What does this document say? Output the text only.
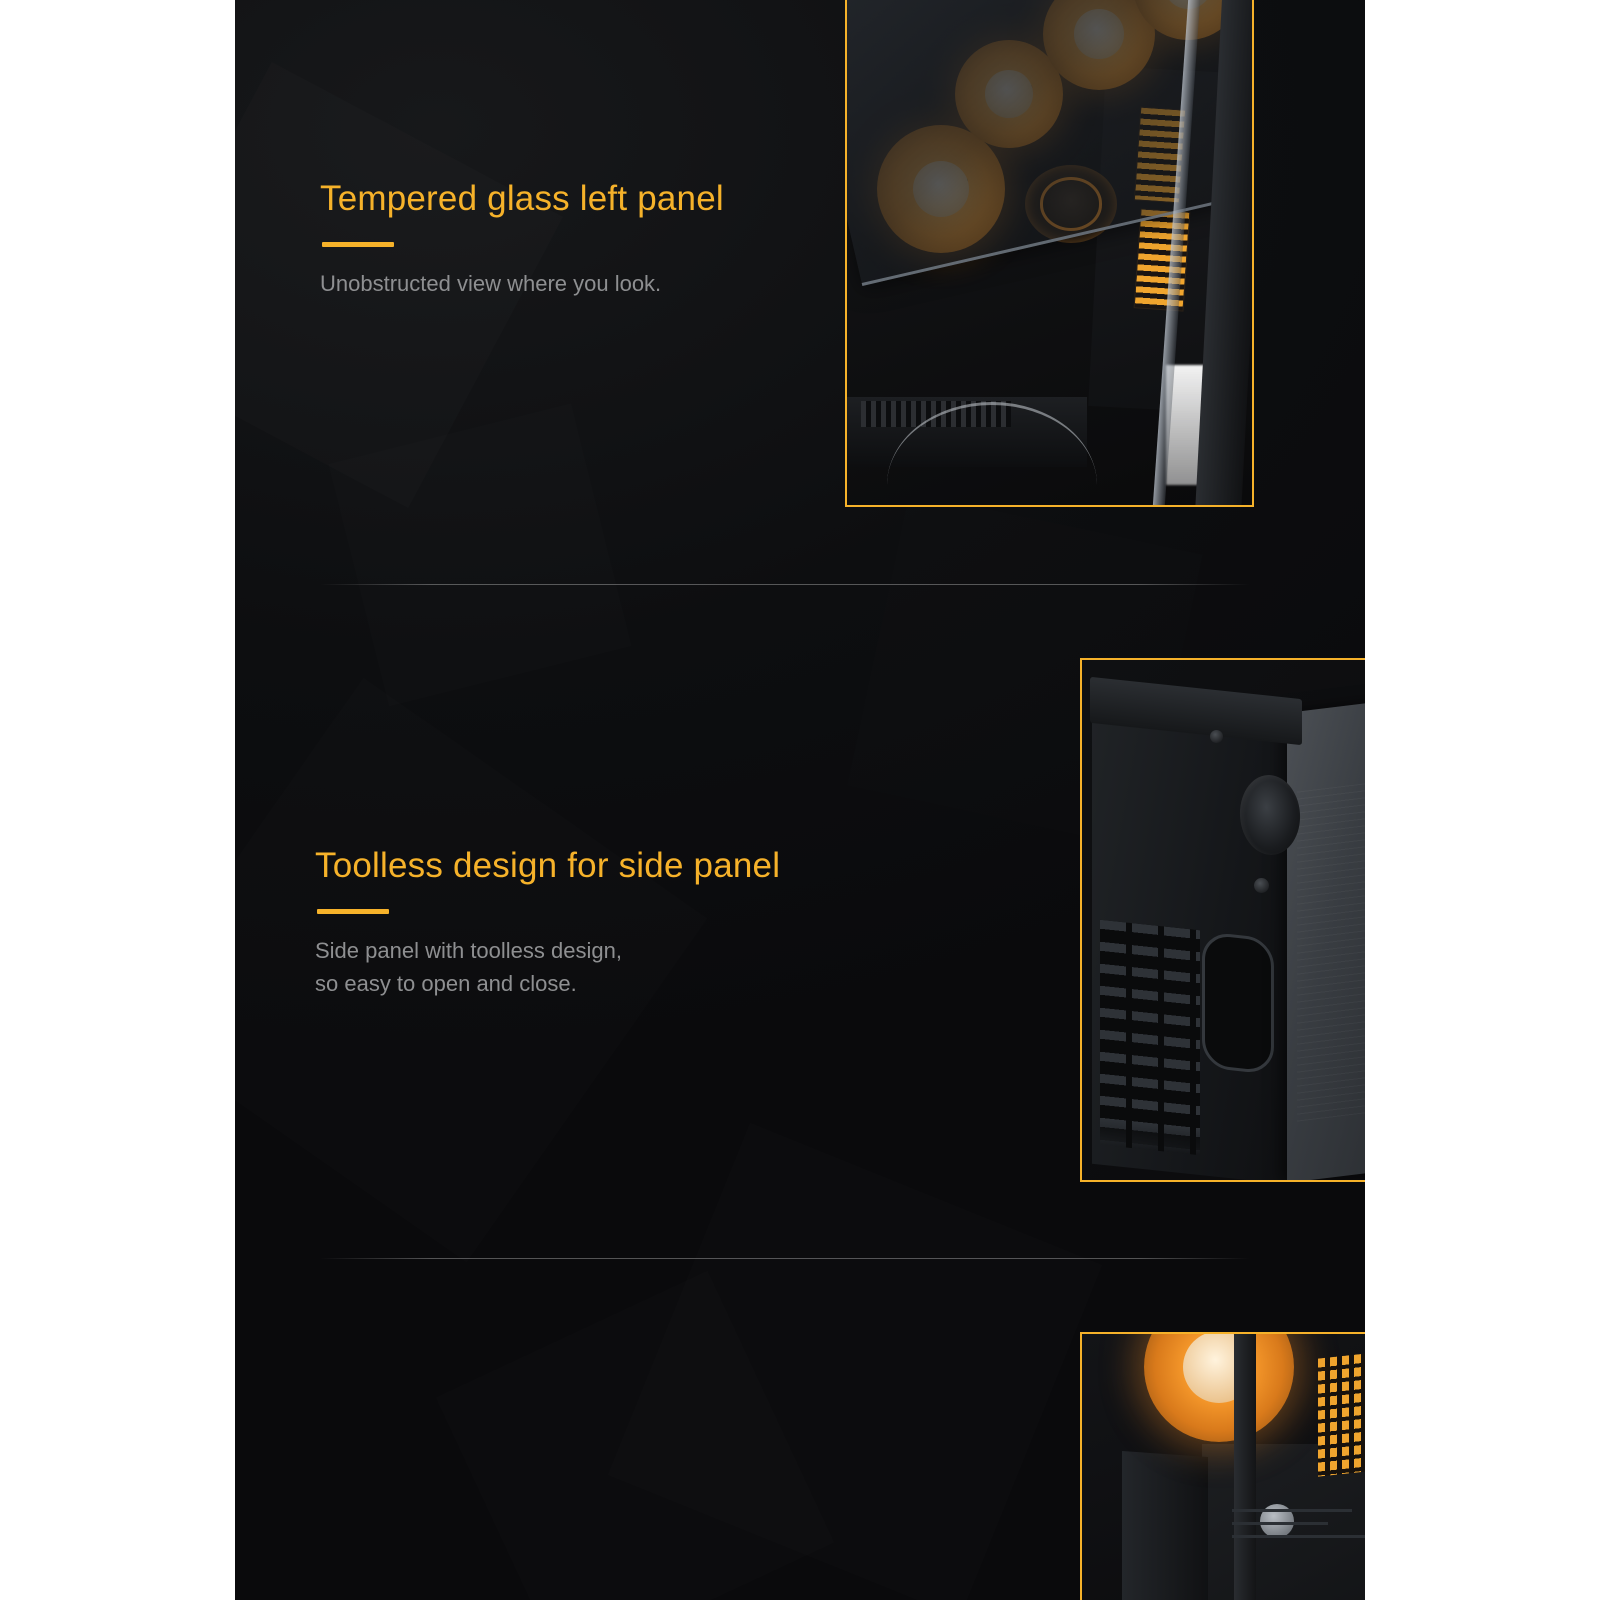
Tempered glass left panel

Unobstructed view where you look.

Toolless design for side panel

Side panel with toolless design,

so easy to open and close.
